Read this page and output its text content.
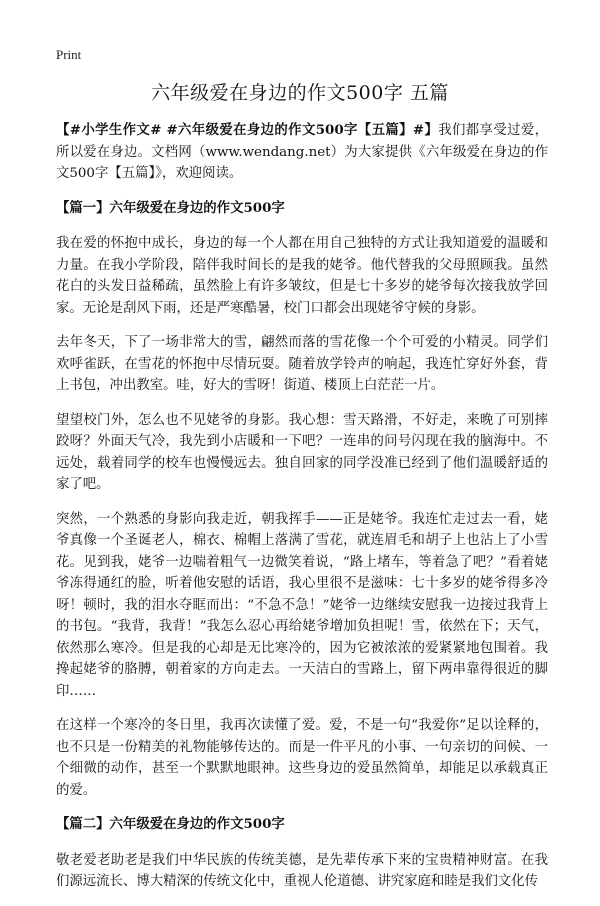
Print
六年级爱在身边的作文500字 五篇

【#小学生作文# #六年级爱在身边的作文500字【五篇】#】我们都享受过爱，所以爱在身边。文档网（www.wendang.net）为大家提供《六年级爱在身边的作文500字【五篇】》，欢迎阅读。

【篇一】六年级爱在身边的作文500字

我在爱的怀抱中成长，身边的每一个人都在用自己独特的方式让我知道爱的温暖和力量。在我小学阶段，陪伴我时间长的是我的姥爷。他代替我的父母照顾我。虽然花白的头发日益稀疏，虽然脸上有许多皱纹，但是七十多岁的姥爷每次接我放学回家。无论是刮风下雨，还是严寒酷暑，校门口都会出现姥爷守候的身影。

去年冬天，下了一场非常大的雪，翩然而落的雪花像一个个可爱的小精灵。同学们欢呼雀跃，在雪花的怀抱中尽情玩耍。随着放学铃声的响起，我连忙穿好外套，背上书包，冲出教室。哇，好大的雪呀！街道、楼顶上白茫茫一片。

望望校门外，怎么也不见姥爷的身影。我心想：雪天路滑，不好走，来晚了可别摔跤呀？外面天气冷，我先到小店暖和一下吧？一连串的问号闪现在我的脑海中。不远处，载着同学的校车也慢慢远去。独自回家的同学没准已经到了他们温暖舒适的家了吧。

突然，一个熟悉的身影向我走近，朝我挥手——正是姥爷。我连忙走过去一看，姥爷真像一个圣诞老人，棉衣、棉帽上落满了雪花，就连眉毛和胡子上也沾上了小雪花。见到我，姥爷一边喘着粗气一边微笑着说，“路上堵车，等着急了吧？”看着姥爷冻得通红的脸，听着他安慰的话语，我心里很不是滋味：七十多岁的姥爷得多冷呀！顿时，我的泪水夺眶而出：“不急不急！”姥爷一边继续安慰我一边接过我背上的书包。“我背，我背！”我怎么忍心再给姥爷增加负担呢！雪，依然在下；天气，依然那么寒冷。但是我的心却是无比寒冷的，因为它被浓浓的爱紧紧地包围着。我搀起姥爷的胳膊，朝着家的方向走去。一天洁白的雪路上，留下两串靠得很近的脚印……

在这样一个寒冷的冬日里，我再次读懂了爱。爱，不是一句“我爱你”足以诠释的，也不只是一份精美的礼物能够传达的。而是一件平凡的小事、一句亲切的问候、一个细微的动作，甚至一个默默地眼神。这些身边的爱虽然简单，却能足以承载真正的爱。

【篇二】六年级爱在身边的作文500字

敬老爱老助老是我们中华民族的传统美德，是先辈传承下来的宝贵精神财富。在我们源远流长、博大精深的传统文化中，重视人伦道德、讲究家庭和睦是我们文化传
